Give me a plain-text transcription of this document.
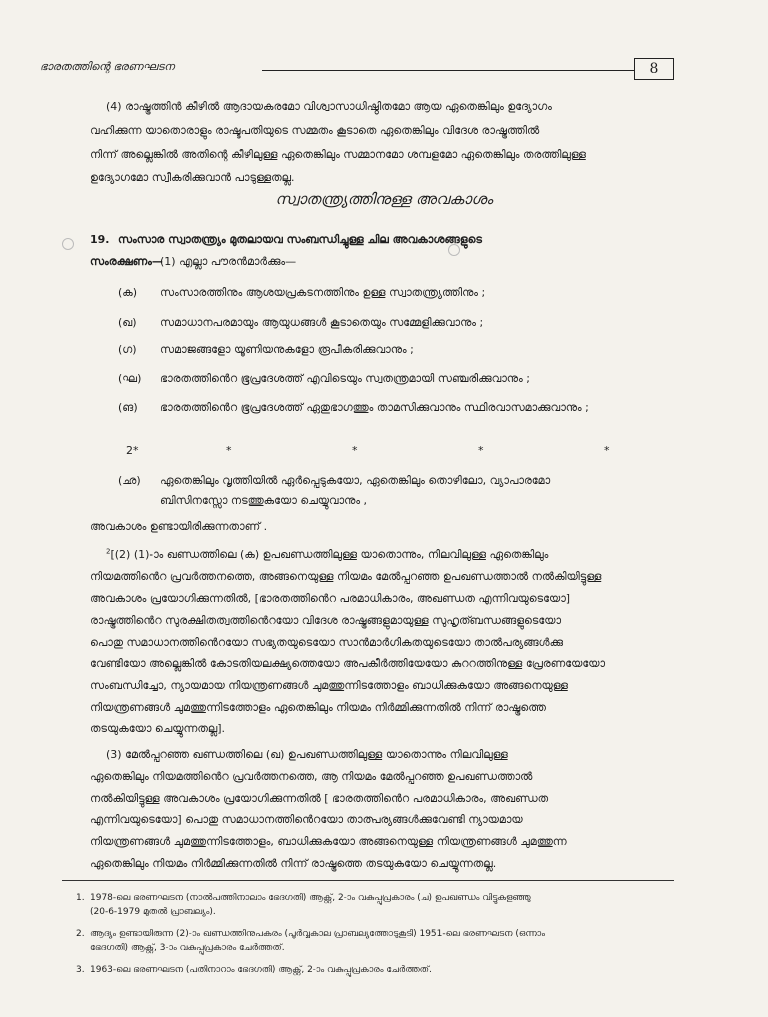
ഭാരതത്തിന്റെ ഭരണഘടന	8
(4) രാഷ്ട്രത്തിൻ കീഴിൽ ആദായകരമോ വിശ്വാസാധിഷ്ഠിതമോ ആയ ഏതെങ്കിലും ഉദ്യോഗം
വഹിക്കുന്ന യാതൊരാളും രാഷ്ടപതിയുടെ സമ്മതം കൂടാതെ ഏതെങ്കിലും വിദേശ രാഷ്ട്രത്തിൽ
നിന്ന് അല്ലെങ്കിൽ അതിന്റെ കീഴിലുള്ള ഏതെങ്കിലും സമ്മാനമോ ശമ്പളമോ ഏതെങ്കിലും തരത്തിലുള്ള
ഉദ്യോഗമോ സ്വീകരിക്കുവാൻ പാടുള്ളതല്ല.
സ്വാതന്ത്ര്യത്തിനുള്ള അവകാശം
19. സംസാര സ്വാതന്ത്ര്യം മുതലായവ സംബന്ധിച്ചുള്ള ചില അവകാശങ്ങളുടെ
സംരക്ഷണം—
(1) എല്ലാ പൗരൻമാർക്കും—
(ക) സംസാരത്തിനും ആശയപ്രകടനത്തിനും ഉള്ള സ്വാതന്ത്ര്യത്തിനും ;
(ഖ) സമാധാനപരമായും ആയുധങ്ങൾ കൂടാതെയും സമ്മേളിക്കുവാനും ;
(ഗ) സമാജങ്ങളോ യൂണിയനുകളോ രൂപീകരിക്കുവാനും ;
(ഘ) ഭാരതത്തിൻെറ ഭൂപ്രദേശത്ത് എവിടെയും സ്വതന്ത്രമായി സഞ്ചരിക്കുവാനും ;
(ങ) ഭാരതത്തിൻെറ ഭൂപ്രദേശത്ത് ഏതുഭാഗത്തും താമസിക്കുവാനും സ്ഥിരവാസമാക്കുവാനും ;
2*	*	*	*	*
(ഛ) ഏതെങ്കിലും വൃത്തിയിൽ ഏർപ്പെടുകയോ, ഏതെങ്കിലും തൊഴിലോ, വ്യാപാരമോ
ബിസിനസ്സോ നടത്തുകയോ ചെയ്യുവാനും ,
അവകാശം ഉണ്ടായിരിക്കുന്നതാണ് .
$^2$[(2) (1)-ാം ഖണ്ഡത്തിലെ (ക) ഉപഖണ്ഡത്തിലുള്ള യാതൊന്നും, നിലവിലുള്ള ഏതെങ്കിലും
നിയമത്തിൻെറ പ്രവർത്തനത്തെ, അങ്ങനെയുള്ള നിയമം മേൽപ്പറഞ്ഞ ഉപഖണ്ഡത്താൽ നൽകിയിട്ടുള്ള
അവകാശം പ്രയോഗിക്കുന്നതിൽ, [ഭാരതത്തിൻെറ പരമാധികാരം, അഖണ്ഡത എന്നിവയുടെയോ]
രാഷ്ട്രത്തിൻെറ സുരക്ഷിതത്വത്തിൻെറയോ വിദേശ രാഷ്ട്രങ്ങളുമായുള്ള സുഹൃത്ബന്ധങ്ങളുടെയോ
പൊതു സമാധാനത്തിൻെറയോ സഭ്യതയുടെയോ സാൻമാർഗികതയുടെയോ താൽപര്യങ്ങൾക്കു
വേണ്ടിയോ അല്ലെങ്കിൽ കോടതിയലക്ഷ്യത്തെയോ അപകീർത്തിയേയോ കുററത്തിനുള്ള പ്രേരണയേയോ
സംബന്ധിച്ചോ, ന്യായമായ നിയന്ത്രണങ്ങൾ ചുമത്തുന്നിടത്തോളം ബാധിക്കുകയോ അങ്ങനെയുള്ള
നിയന്ത്രണങ്ങൾ ചുമത്തുന്നിടത്തോളം ഏതെങ്കിലും നിയമം നിർമ്മിക്കുന്നതിൽ നിന്ന് രാഷ്ട്രത്തെ
തടയുകയോ ചെയ്യുന്നതല്ല].
(3) മേൽപ്പറഞ്ഞ ഖണ്ഡത്തിലെ (ഖ) ഉപഖണ്ഡത്തിലുള്ള യാതൊന്നും നിലവിലുള്ള
ഏതെങ്കിലും നിയമത്തിൻെറ പ്രവർത്തനത്തെ, ആ നിയമം മേൽപ്പറഞ്ഞ ഉപഖണ്ഡത്താൽ
നൽകിയിട്ടുള്ള അവകാശം പ്രയോഗിക്കുന്നതിൽ [ ഭാരതത്തിൻെറ പരമാധികാരം, അഖണ്ഡത
എന്നിവയുടെയോ] പൊതു സമാധാനത്തിൻെറയോ താത്പര്യങ്ങൾക്കുവേണ്ടി ന്യായമായ
നിയന്ത്രണങ്ങൾ ചുമത്തുന്നിടത്തോളം, ബാധിക്കുകയോ അങ്ങനെയുള്ള നിയന്ത്രണങ്ങൾ ചുമത്തുന്ന
ഏതെങ്കിലും നിയമം നിർമ്മിക്കുന്നതിൽ നിന്ന് രാഷ്ട്രത്തെ തടയുകയോ ചെയ്യുന്നതല്ല.
1. 1978-ലെ ഭരണഘടന (നാൽപത്തിനാലാം ഭേദഗതി) ആക്റ്റ്, 2-ാം വകുപ്പുപ്രകാരം (ച) ഉപഖണ്ഡം വിട്ടുകളഞ്ഞു
(20-6-1979 മുതൽ പ്രാബല്യം).
2. ആദ്യം ഉണ്ടായിരുന്ന (2)-ാം ഖണ്ഡത്തിനുപകരം (പൂർവ്വകാല പ്രാബല്യത്തോടുകൂടി) 1951-ലെ ഭരണഘടന (ഒന്നാം
ഭേദഗതി) ആക്റ്റ്, 3-ാം വകുപ്പുപ്രകാരം ചേർത്തത്.
3. 1963-ലെ ഭരണഘടന (പതിനാറാം ഭേദഗതി) ആക്റ്റ്, 2-ാം വകുപ്പുപ്രകാരം ചേർത്തത്.
